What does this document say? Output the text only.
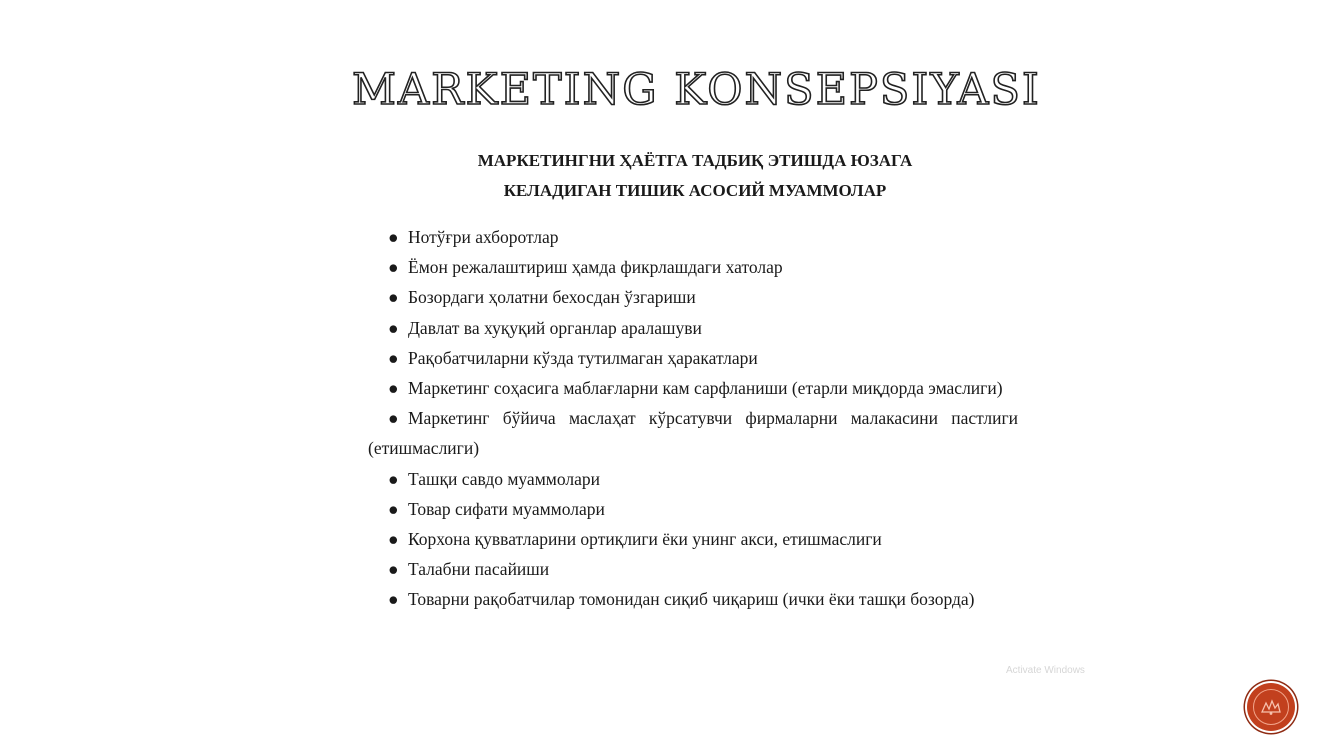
MARKETING KONSEPSIYASI
МАРКЕТИНГНИ ҲАЁТГА ТАДБИҚ ЭТИШДА ЮЗАГА
КЕЛАДИГАН ТИШИК АСОСИЙ МУАММОЛАР

● Нотўғри ахборотлар

● Ёмон режалаштириш ҳамда фикрлашдаги хатолар

● Бозордаги ҳолатни бехосдан ўзгариши

● Давлат ва хуқуқий органлар аралашуви

● Рақобатчиларни кўзда тутилмаган ҳаракатлари

● Маркетинг соҳасига маблағларни кам сарфланиши (етарли миқдорда эмаслиги)

● Маркетинг бўйича маслаҳат кўрсатувчи фирмаларни малакасини пастлиги (етишмаслиги)

● Ташқи савдо муаммолари

● Товар сифати муаммолари

● Корхона қувватларини ортиқлиги ёки унинг акси, етишмаслиги

● Талабни пасайиши

● Товарни рақобатчилар томонидан сиқиб чиқариш (ички ёки ташқи бозорда)

Activate Windows
